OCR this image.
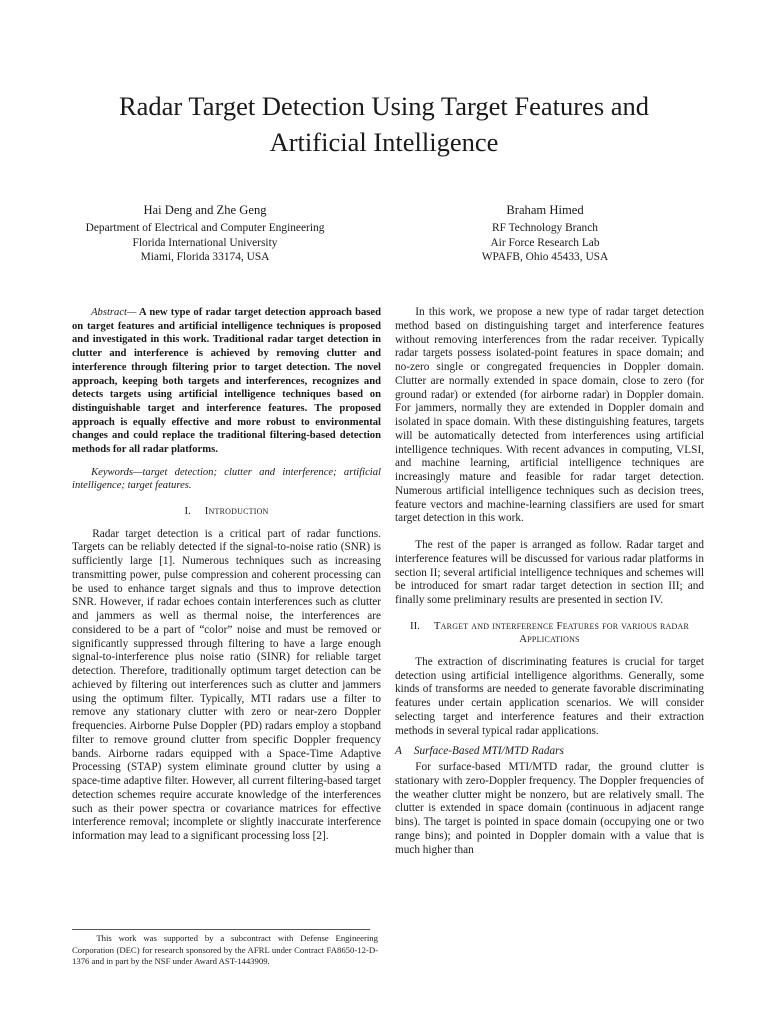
Radar Target Detection Using Target Features and
Artificial Intelligence
Hai Deng and Zhe Geng
Department of Electrical and Computer Engineering
Florida International University
Miami, Florida 33174, USA
Braham Himed
RF Technology Branch
Air Force Research Lab
WPAFB, Ohio 45433, USA

Abstract— A new type of radar target detection approach based on target features and artificial intelligence techniques is proposed and investigated in this work. Traditional radar target detection in clutter and interference is achieved by removing clutter and interference through filtering prior to target detection. The novel approach, keeping both targets and interferences, recognizes and detects targets using artificial intelligence techniques based on distinguishable target and interference features. The proposed approach is equally effective and more robust to environmental changes and could replace the traditional filtering-based detection methods for all radar platforms.

Keywords—target detection; clutter and interference; artificial intelligence; target features.

I. Introduction

Radar target detection is a critical part of radar functions. Targets can be reliably detected if the signal-to-noise ratio (SNR) is sufficiently large [1]. Numerous techniques such as increasing transmitting power, pulse compression and coherent processing can be used to enhance target signals and thus to improve detection SNR. However, if radar echoes contain interferences such as clutter and jammers as well as thermal noise, the interferences are considered to be a part of “color” noise and must be removed or significantly suppressed through filtering to have a large enough signal-to-interference plus noise ratio (SINR) for reliable target detection. Therefore, traditionally optimum target detection can be achieved by filtering out interferences such as clutter and jammers using the optimum filter. Typically, MTI radars use a filter to remove any stationary clutter with zero or near-zero Doppler frequencies. Airborne Pulse Doppler (PD) radars employ a stopband filter to remove ground clutter from specific Doppler frequency bands. Airborne radars equipped with a Space-Time Adaptive Processing (STAP) system eliminate ground clutter by using a space-time adaptive filter. However, all current filtering-based target detection schemes require accurate knowledge of the interferences such as their power spectra or covariance matrices for effective interference removal; incomplete or slightly inaccurate interference information may lead to a significant processing loss [2].

In this work, we propose a new type of radar target detection method based on distinguishing target and interference features without removing interferences from the radar receiver. Typically radar targets possess isolated-point features in space domain; and no-zero single or congregated frequencies in Doppler domain. Clutter are normally extended in space domain, close to zero (for ground radar) or extended (for airborne radar) in Doppler domain. For jammers, normally they are extended in Doppler domain and isolated in space domain. With these distinguishing features, targets will be automatically detected from interferences using artificial intelligence techniques. With recent advances in computing, VLSI, and machine learning, artificial intelligence techniques are increasingly mature and feasible for radar target detection. Numerous artificial intelligence techniques such as decision trees, feature vectors and machine-learning classifiers are used for smart target detection in this work.

The rest of the paper is arranged as follow. Radar target and interference features will be discussed for various radar platforms in section II; several artificial intelligence techniques and schemes will be introduced for smart radar target detection in section III; and finally some preliminary results are presented in section IV.

II. Target and interference Features for various radar Applications

The extraction of discriminating features is crucial for target detection using artificial intelligence algorithms. Generally, some kinds of transforms are needed to generate favorable discriminating features under certain application scenarios. We will consider selecting target and interference features and their extraction methods in several typical radar applications.

A Surface-Based MTI/MTD Radars

For surface-based MTI/MTD radar, the ground clutter is stationary with zero-Doppler frequency. The Doppler frequencies of the weather clutter might be nonzero, but are relatively small. The clutter is extended in space domain (continuous in adjacent range bins). The target is pointed in space domain (occupying one or two range bins); and pointed in Doppler domain with a value that is much higher than

This work was supported by a subcontract with Defense Engineering Corporation (DEC) for research sponsored by the AFRL under Contract FA8650-12-D-1376 and in part by the NSF under Award AST-1443909.
